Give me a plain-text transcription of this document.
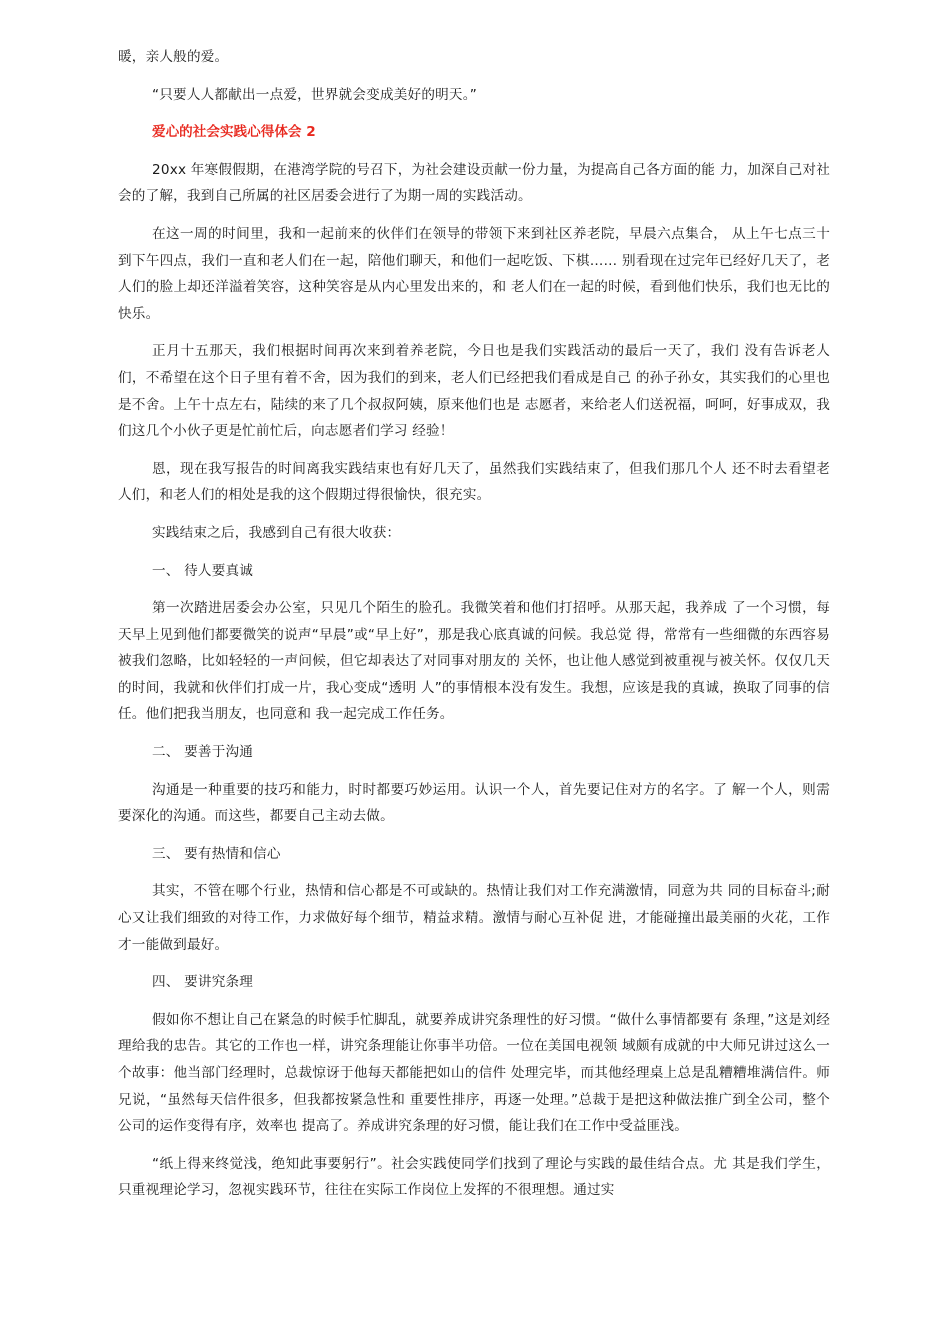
暖，亲人般的爱。

“只要人人都献出一点爱，世界就会变成美好的明天。”

爱心的社会实践心得体会 2

20xx 年寒假假期，在港湾学院的号召下，为社会建设贡献一份力量，为提高自己各方面的能 力，加深自己对社会的了解，我到自己所属的社区居委会进行了为期一周的实践活动。

在这一周的时间里，我和一起前来的伙伴们在领导的带领下来到社区养老院，早晨六点集合， 从上午七点三十到下午四点，我们一直和老人们在一起，陪他们聊天，和他们一起吃饭、下棋…… 别看现在过完年已经好几天了，老人们的脸上却还洋溢着笑容，这种笑容是从内心里发出来的，和 老人们在一起的时候，看到他们快乐，我们也无比的快乐。

正月十五那天，我们根据时间再次来到着养老院，今日也是我们实践活动的最后一天了，我们 没有告诉老人们，不希望在这个日子里有着不舍，因为我们的到来，老人们已经把我们看成是自己 的孙子孙女，其实我们的心里也是不舍。上午十点左右，陆续的来了几个叔叔阿姨，原来他们也是 志愿者，来给老人们送祝福，呵呵，好事成双，我们这几个小伙子更是忙前忙后，向志愿者们学习 经验！

恩，现在我写报告的时间离我实践结束也有好几天了，虽然我们实践结束了，但我们那几个人 还不时去看望老人们，和老人们的相处是我的这个假期过得很愉快，很充实。

实践结束之后，我感到自己有很大收获：

一、 待人要真诚

第一次踏进居委会办公室，只见几个陌生的脸孔。我微笑着和他们打招呼。从那天起，我养成 了一个习惯，每天早上见到他们都要微笑的说声“早晨”或“早上好”，那是我心底真诚的问候。我总觉 得，常常有一些细微的东西容易被我们忽略，比如轻轻的一声问候，但它却表达了对同事对朋友的 关怀，也让他人感觉到被重视与被关怀。仅仅几天的时间，我就和伙伴们打成一片，我心变成“透明 人”的事情根本没有发生。我想，应该是我的真诚，换取了同事的信任。他们把我当朋友，也同意和 我一起完成工作任务。

二、 要善于沟通

沟通是一种重要的技巧和能力，时时都要巧妙运用。认识一个人，首先要记住对方的名字。了 解一个人，则需要深化的沟通。而这些，都要自己主动去做。

三、 要有热情和信心

其实，不管在哪个行业，热情和信心都是不可或缺的。热情让我们对工作充满激情，同意为共 同的目标奋斗;耐心又让我们细致的对待工作，力求做好每个细节，精益求精。激情与耐心互补促 进，才能碰撞出最美丽的火花，工作才一能做到最好。

四、 要讲究条理

假如你不想让自己在紧急的时候手忙脚乱，就要养成讲究条理性的好习惯。“做什么事情都要有 条理，”这是刘经理给我的忠告。其它的工作也一样，讲究条理能让你事半功倍。一位在美国电视领 域颇有成就的中大师兄讲过这么一个故事：他当部门经理时，总裁惊讶于他每天都能把如山的信件 处理完毕，而其他经理桌上总是乱糟糟堆满信件。师兄说，“虽然每天信件很多，但我都按紧急性和 重要性排序，再逐一处理。”总裁于是把这种做法推广到全公司，整个公司的运作变得有序，效率也 提高了。养成讲究条理的好习惯，能让我们在工作中受益匪浅。

“纸上得来终觉浅，绝知此事要躬行”。社会实践使同学们找到了理论与实践的最佳结合点。尤 其是我们学生，只重视理论学习，忽视实践环节，往往在实际工作岗位上发挥的不很理想。通过实
